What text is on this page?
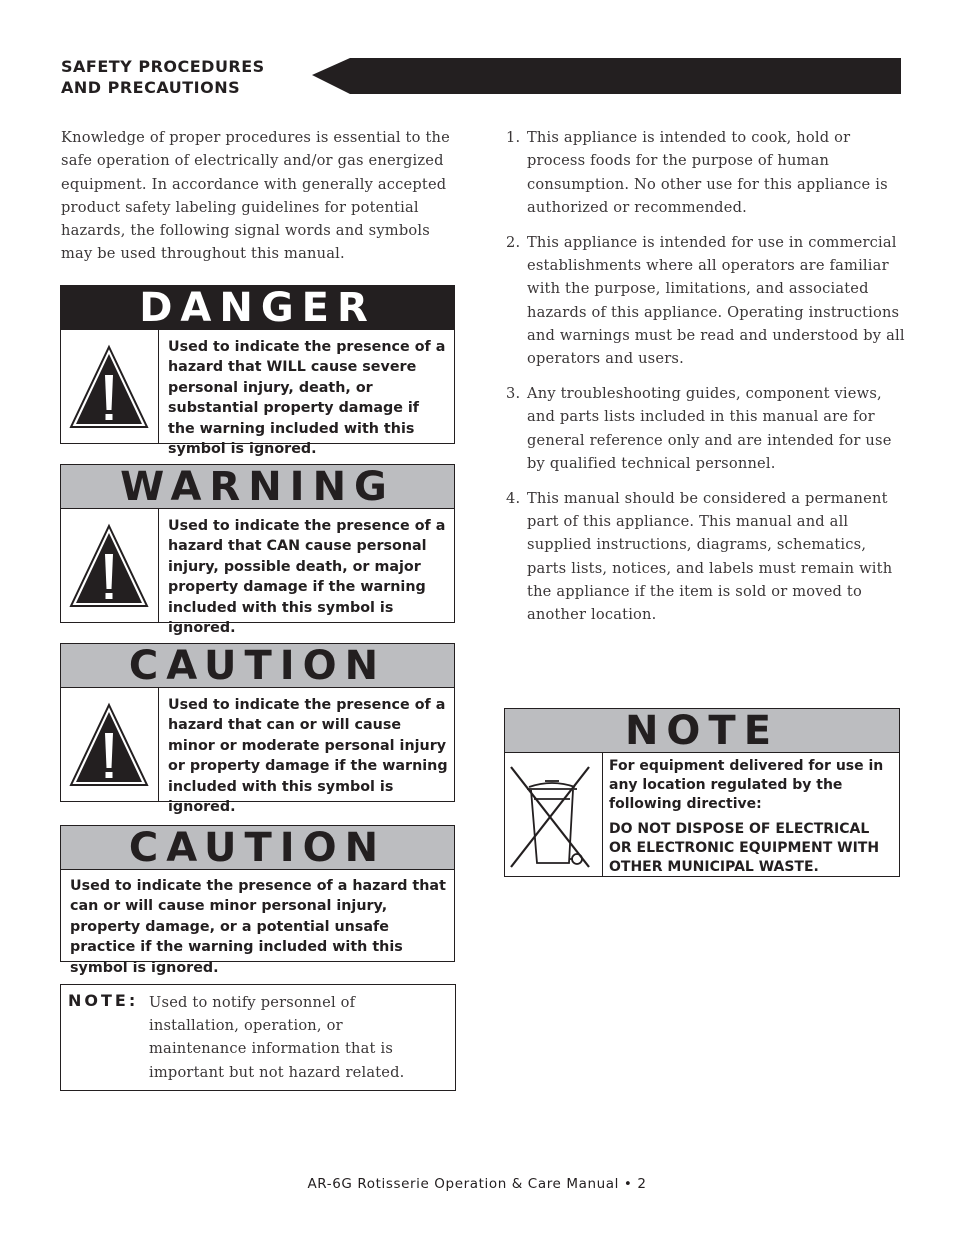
SAFETY PROCEDURES
AND PRECAUTIONS
Knowledge of proper procedures is essential to the safe operation of electrically and/or gas energized equipment. In accordance with generally accepted product safety labeling guidelines for potential hazards, the following signal words and symbols may be used throughout this manual.
DANGER
Used to indicate the presence of a hazard that WILL cause severe personal injury, death, or substantial property damage if the warning included with this symbol is ignored.
WARNING
Used to indicate the presence of a hazard that CAN cause personal injury, possible death, or major property damage if the warning included with this symbol is ignored.
CAUTION
Used to indicate the presence of a hazard that can or will cause minor or moderate personal injury or property damage if the warning included with this symbol is ignored.
CAUTION
Used to indicate the presence of a hazard that can or will cause minor personal injury, property damage, or a potential unsafe practice if the warning included with this symbol is ignored.
NOTE: Used to notify personnel of installation, operation, or maintenance information that is important but not hazard related.
1. This appliance is intended to cook, hold or process foods for the purpose of human consumption. No other use for this appliance is authorized or recommended.
2. This appliance is intended for use in commercial establishments where all operators are familiar with the purpose, limitations, and associated hazards of this appliance. Operating instructions and warnings must be read and understood by all operators and users.
3. Any troubleshooting guides, component views, and parts lists included in this manual are for general reference only and are intended for use by qualified technical personnel.
4. This manual should be considered a permanent part of this appliance. This manual and all supplied instructions, diagrams, schematics, parts lists, notices, and labels must remain with the appliance if the item is sold or moved to another location.
NOTE
For equipment delivered for use in any location regulated by the following directive:
DO NOT DISPOSE OF ELECTRICAL OR ELECTRONIC EQUIPMENT WITH OTHER MUNICIPAL WASTE.
AR-6G Rotisserie Operation & Care Manual • 2
